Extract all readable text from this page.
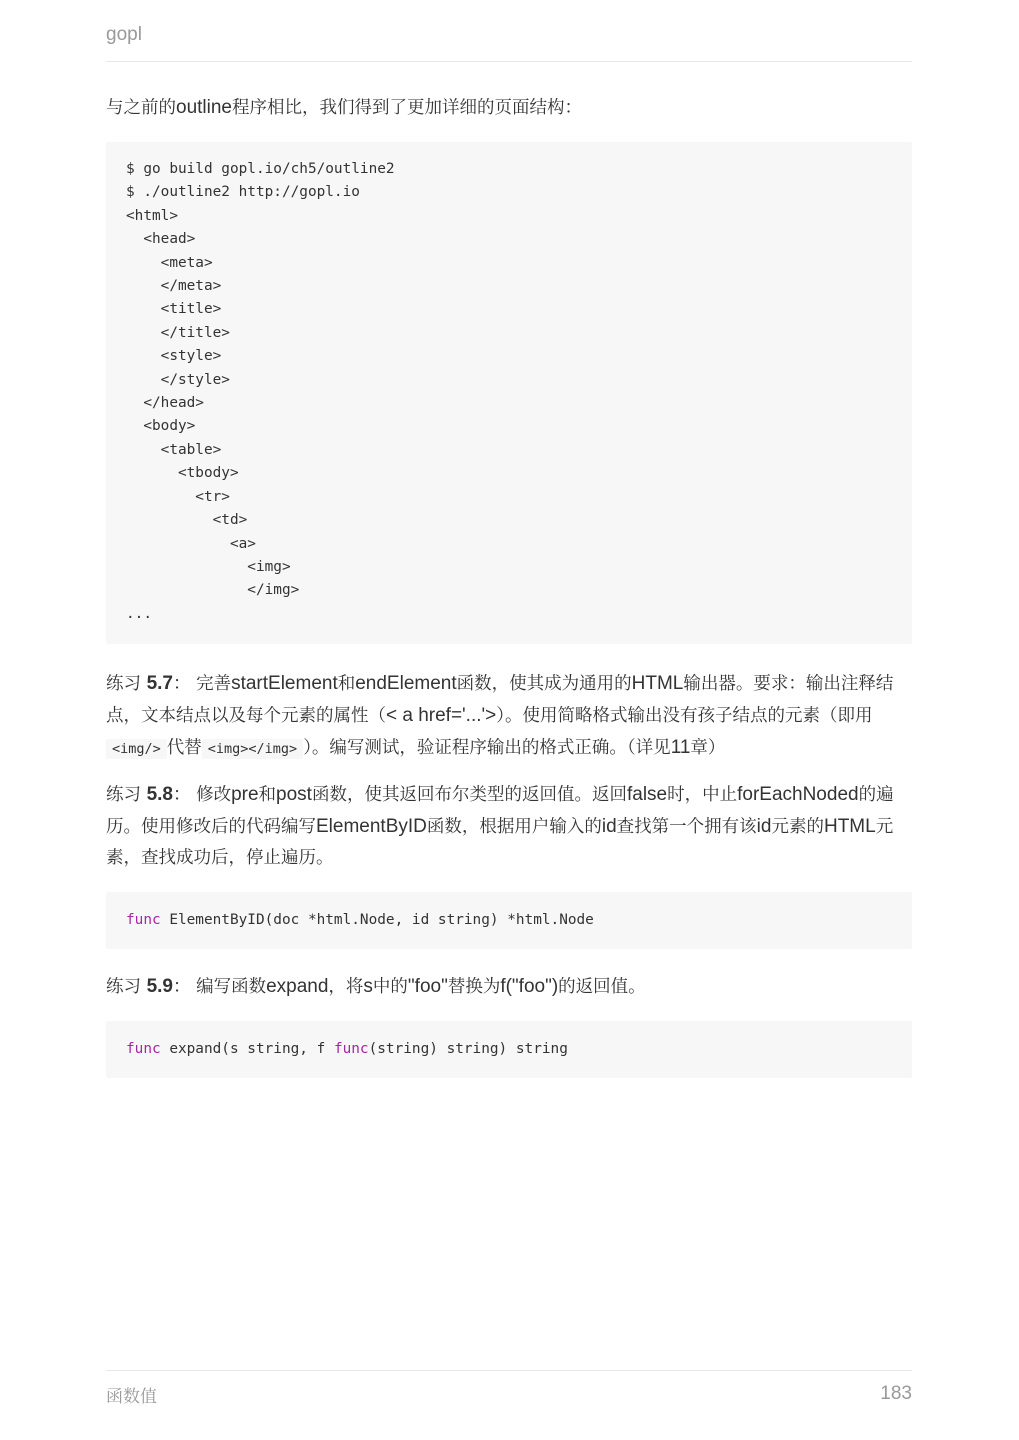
gopl

与之前的outline程序相比，我们得到了更加详细的页面结构：

$ go build gopl.io/ch5/outline2
$ ./outline2 http://gopl.io
<html>
<head>
<meta>
</meta>
<title>
</title>
<style>
</style>
</head>
<body>
<table>
<tbody>
<tr>
<td>
<a>
<img>
</img>
...

练习 5.7： 完善startElement和endElement函数，使其成为通用的HTML输出器。要求：输出注释结点，文本结点以及每个元素的属性（< a href='...'>）。使用简略格式输出没有孩子结点的元素（即用<img/> 代替 <img></img> ）。编写测试，验证程序输出的格式正确。（详见11章）

练习 5.8： 修改pre和post函数，使其返回布尔类型的返回值。返回false时，中止forEachNoded的遍历。使用修改后的代码编写ElementByID函数，根据用户输入的id查找第一个拥有该id元素的HTML元素，查找成功后，停止遍历。

func ElementByID(doc *html.Node, id string) *html.Node

练习 5.9： 编写函数expand，将s中的"foo"替换为f("foo")的返回值。

func expand(s string, f func(string) string) string
函数值	183
